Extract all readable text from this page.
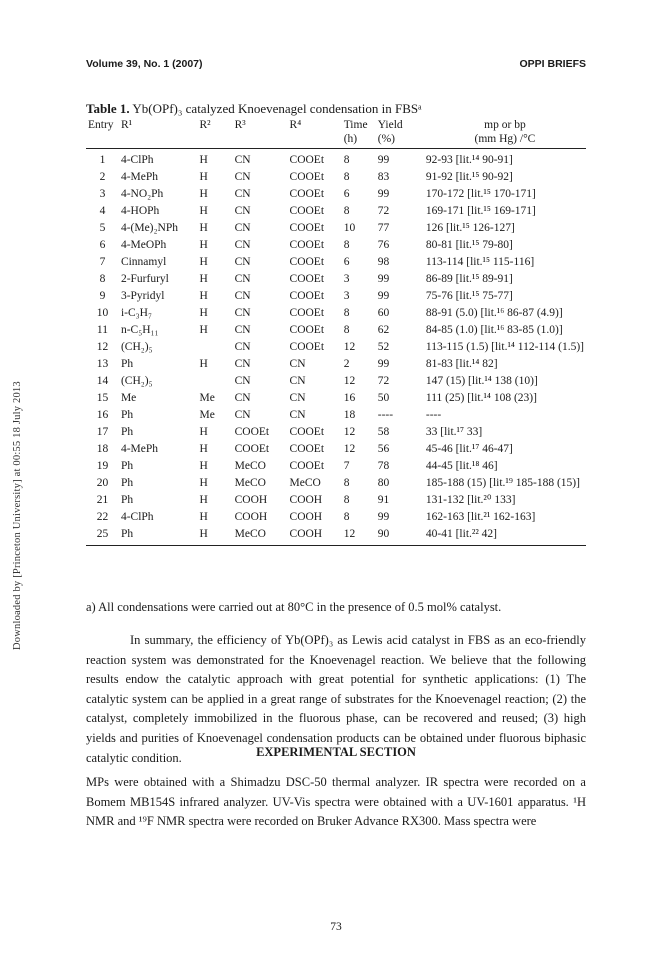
Volume 39, No. 1 (2007)	OPPI BRIEFS
Downloaded by [Princeton University] at 00:55 18 July 2013
Table 1. Yb(OPf)₃ catalyzed Knoevenagel condensation in FBSᵃ
Entry	R¹	R²	R³	R⁴	Time	Yield	mp or bp
					(h)	(%)	(mm Hg) /°C
1	4-ClPh	H	CN	COOEt	8	99	92-93 [lit.¹⁴ 90-91]
2	4-MePh	H	CN	COOEt	8	83	91-92 [lit.¹⁵ 90-92]
3	4-NO₂Ph	H	CN	COOEt	6	99	170-172 [lit.¹⁵ 170-171]
4	4-HOPh	H	CN	COOEt	8	72	169-171 [lit.¹⁵ 169-171]
5	4-(Me)₂NPh	H	CN	COOEt	10	77	126 [lit.¹⁵ 126-127]
6	4-MeOPh	H	CN	COOEt	8	76	80-81 [lit.¹⁵ 79-80]
7	Cinnamyl	H	CN	COOEt	6	98	113-114 [lit.¹⁵ 115-116]
8	2-Furfuryl	H	CN	COOEt	3	99	86-89 [lit.¹⁵ 89-91]
9	3-Pyridyl	H	CN	COOEt	3	99	75-76 [lit.¹⁵ 75-77]
10	i-C₃H₇	H	CN	COOEt	8	60	88-91 (5.0) [lit.¹⁶ 86-87 (4.9)]
11	n-C₅H₁₁	H	CN	COOEt	8	62	84-85 (1.0) [lit.¹⁶ 83-85 (1.0)]
12	(CH₂)₅		CN	COOEt	12	52	113-115 (1.5) [lit.¹⁴ 112-114 (1.5)]
13	Ph	H	CN	CN	2	99	81-83 [lit.¹⁴ 82]
14	(CH₂)₅		CN	CN	12	72	147 (15) [lit.¹⁴ 138 (10)]
15	Me	Me	CN	CN	16	50	111 (25) [lit.¹⁴ 108 (23)]
16	Ph	Me	CN	CN	18	----	----
17	Ph	H	COOEt	COOEt	12	58	33 [lit.¹⁷ 33]
18	4-MePh	H	COOEt	COOEt	12	56	45-46 [lit.¹⁷ 46-47]
19	Ph	H	MeCO	COOEt	7	78	44-45 [lit.¹⁸ 46]
20	Ph	H	MeCO	MeCO	8	80	185-188 (15) [lit.¹⁹ 185-188 (15)]
21	Ph	H	COOH	COOH	8	91	131-132 [lit.²⁰ 133]
22	4-ClPh	H	COOH	COOH	8	99	162-163 [lit.²¹ 162-163]
25	Ph	H	MeCO	COOH	12	90	40-41 [lit.²² 42]
a) All condensations were carried out at 80°C in the presence of 0.5 mol% catalyst.
In summary, the efficiency of Yb(OPf)₃ as Lewis acid catalyst in FBS as an eco-friendly reaction system was demonstrated for the Knoevenagel reaction. We believe that the following results endow the catalytic approach with great potential for synthetic applications: (1) The catalytic system can be applied in a great range of substrates for the Knoevenagel reaction; (2) the catalyst, completely immobilized in the fluorous phase, can be recovered and reused; (3) high yields and purities of Knoevenagel condensation products can be obtained under fluorous biphasic catalytic condition.	EXPERIMENTAL SECTION
MPs were obtained with a Shimadzu DSC-50 thermal analyzer. IR spectra were recorded on a Bomem MB154S infrared analyzer. UV-Vis spectra were obtained with a UV-1601 apparatus. ¹H NMR and ¹⁹F NMR spectra were recorded on Bruker Advance RX300. Mass spectra were
73
